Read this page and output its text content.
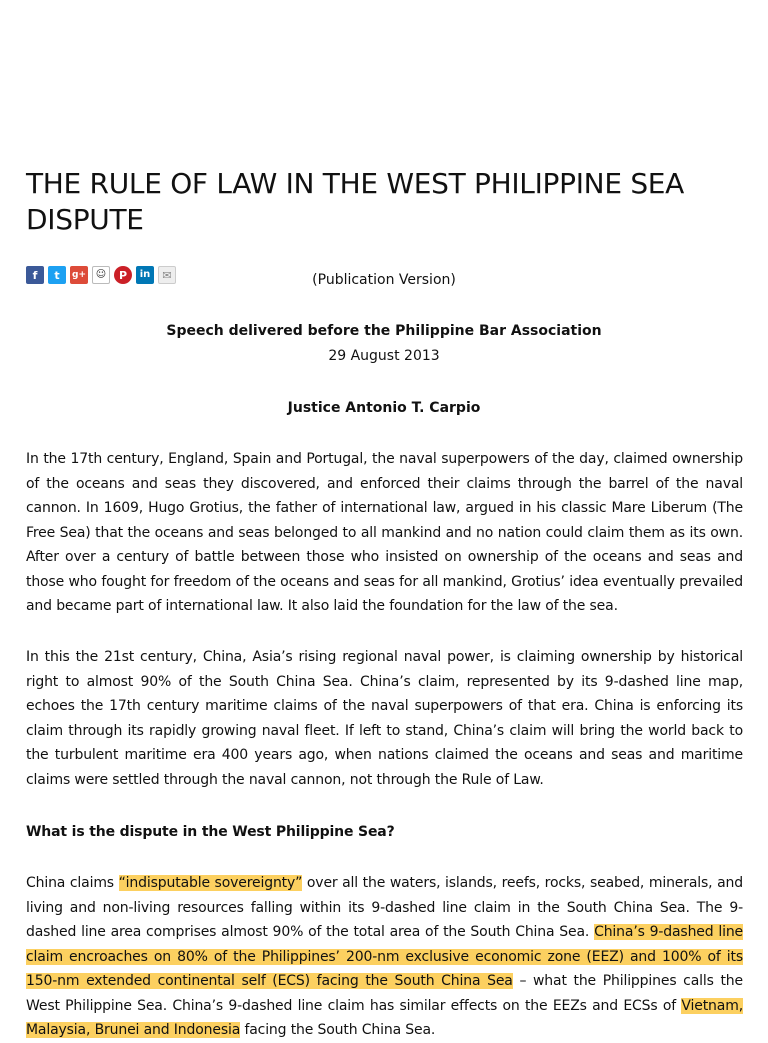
THE RULE OF LAW IN THE WEST PHILIPPINE SEA DISPUTE
f	t	g+ ☺	P	in	✉	(Publication Version)
Speech delivered before the Philippine Bar Association
29 August 2013
Justice Antonio T. Carpio

In the 17th century, England, Spain and Portugal, the naval superpowers of the day, claimed ownership of the oceans and seas they discovered, and enforced their claims through the barrel of the naval cannon. In 1609, Hugo Grotius, the father of international law, argued in his classic Mare Liberum (The Free Sea) that the oceans and seas belonged to all mankind and no nation could claim them as its own. After over a century of battle between those who insisted on ownership of the oceans and seas and those who fought for freedom of the oceans and seas for all mankind, Grotius’ idea eventually prevailed and became part of international law. It also laid the foundation for the law of the sea.

In this the 21st century, China, Asia’s rising regional naval power, is claiming ownership by historical right to almost 90% of the South China Sea. China’s claim, represented by its 9-dashed line map, echoes the 17th century maritime claims of the naval superpowers of that era. China is enforcing its claim through its rapidly growing naval fleet. If left to stand, China’s claim will bring the world back to the turbulent maritime era 400 years ago, when nations claimed the oceans and seas and maritime claims were settled through the naval cannon, not through the Rule of Law.

What is the dispute in the West Philippine Sea?

China claims “indisputable sovereignty” over all the waters, islands, reefs, rocks, seabed, minerals, and living and non-living resources falling within its 9-dashed line claim in the South China Sea. The 9-dashed line area comprises almost 90% of the total area of the South China Sea. China’s 9-dashed line claim encroaches on 80% of the Philippines’ 200-nm exclusive economic zone (EEZ) and 100% of its 150-nm extended continental self (ECS) facing the South China Sea – what the Philippines calls the West Philippine Sea. China’s 9-dashed line claim has similar effects on the EEZs and ECSs of Vietnam, Malaysia, Brunei and Indonesia facing the South China Sea.
